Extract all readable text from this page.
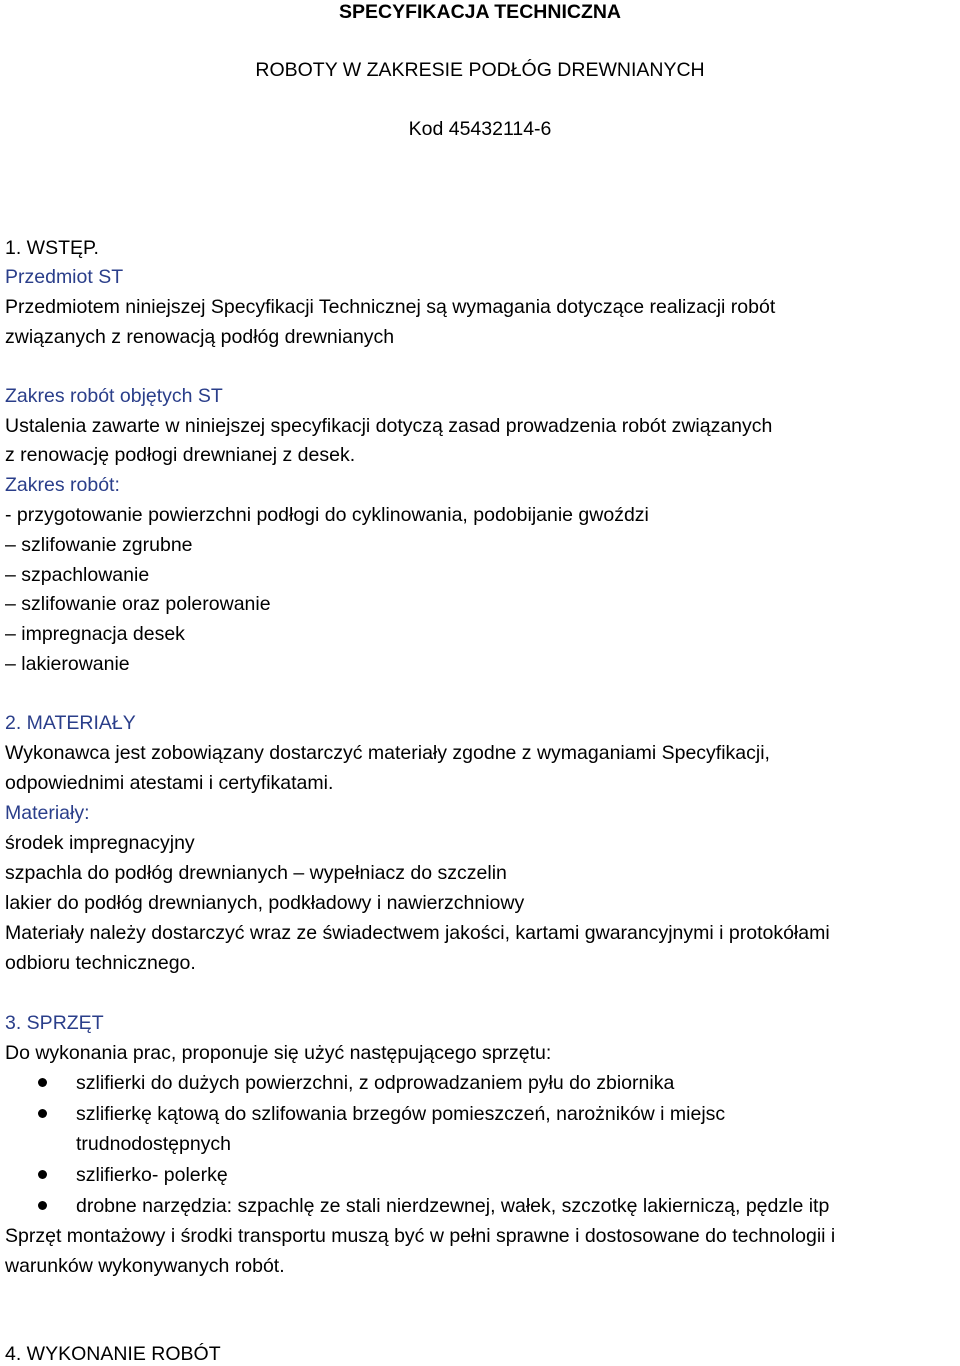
SPECYFIKACJA TECHNICZNA
ROBOTY W ZAKRESIE PODŁÓG DREWNIANYCH
Kod 45432114-6
1. WSTĘP.
Przedmiot ST
Przedmiotem niniejszej Specyfikacji Technicznej są wymagania dotyczące realizacji robót
związanych z renowacją podłóg drewnianych
Zakres robót objętych ST
Ustalenia zawarte w niniejszej specyfikacji dotyczą zasad prowadzenia robót związanych
z renowację podłogi drewnianej z desek.
Zakres robót:
- przygotowanie powierzchni podłogi do cyklinowania, podobijanie gwoździ
– szlifowanie zgrubne
– szpachlowanie
– szlifowanie oraz polerowanie
– impregnacja desek
– lakierowanie
2. MATERIAŁY
Wykonawca jest zobowiązany dostarczyć materiały zgodne z wymaganiami Specyfikacji,
odpowiednimi atestami i certyfikatami.
Materiały:
środek impregnacyjny
szpachla do podłóg drewnianych – wypełniacz do szczelin
lakier do podłóg drewnianych, podkładowy i nawierzchniowy
Materiały należy dostarczyć wraz ze świadectwem jakości, kartami gwarancyjnymi i protokółami
odbioru technicznego.
3. SPRZĘT
Do wykonania prac, proponuje się użyć następującego sprzętu:
szlifierki do dużych powierzchni, z odprowadzaniem pyłu do zbiornika
szlifierkę kątową do szlifowania brzegów pomieszczeń, narożników i miejsc
trudnodostępnych
szlifierko- polerkę
drobne narzędzia: szpachlę ze stali nierdzewnej, wałek, szczotkę lakierniczą, pędzle itp
Sprzęt montażowy i środki transportu muszą być w pełni sprawne i dostosowane do technologii i
warunków wykonywanych robót.
4. WYKONANIE ROBÓT
